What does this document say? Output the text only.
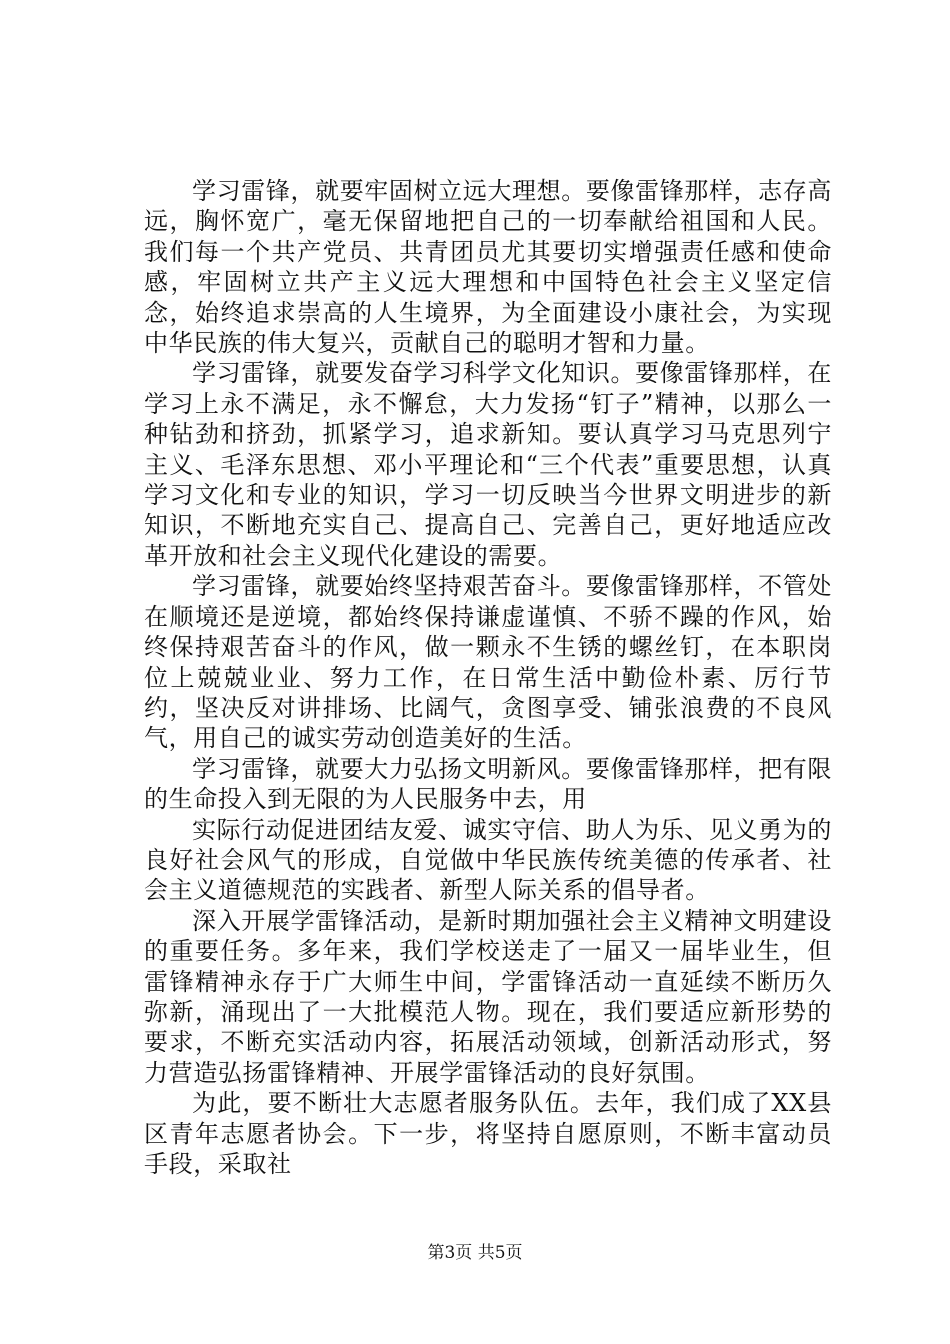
学习雷锋，就要牢固树立远大理想。要像雷锋那样，志存高远，胸怀宽广，毫无保留地把自己的一切奉献给祖国和人民。我们每一个共产党员、共青团员尤其要切实增强责任感和使命感，牢固树立共产主义远大理想和中国特色社会主义坚定信念，始终追求崇高的人生境界，为全面建设小康社会，为实现中华民族的伟大复兴，贡献自己的聪明才智和力量。

学习雷锋，就要发奋学习科学文化知识。要像雷锋那样，在学习上永不满足，永不懈怠，大力发扬“钉子”精神，以那么一种钻劲和挤劲，抓紧学习，追求新知。要认真学习马克思列宁主义、毛泽东思想、邓小平理论和“三个代表”重要思想，认真学习文化和专业的知识，学习一切反映当今世界文明进步的新知识，不断地充实自己、提高自己、完善自己，更好地适应改革开放和社会主义现代化建设的需要。

学习雷锋，就要始终坚持艰苦奋斗。要像雷锋那样，不管处在顺境还是逆境，都始终保持谦虚谨慎、不骄不躁的作风，始终保持艰苦奋斗的作风，做一颗永不生锈的螺丝钉，在本职岗位上兢兢业业、努力工作，在日常生活中勤俭朴素、厉行节约，坚决反对讲排场、比阔气，贪图享受、铺张浪费的不良风气，用自己的诚实劳动创造美好的生活。

学习雷锋，就要大力弘扬文明新风。要像雷锋那样，把有限的生命投入到无限的为人民服务中去，用

实际行动促进团结友爱、诚实守信、助人为乐、见义勇为的良好社会风气的形成，自觉做中华民族传统美德的传承者、社会主义道德规范的实践者、新型人际关系的倡导者。

深入开展学雷锋活动，是新时期加强社会主义精神文明建设的重要任务。多年来，我们学校送走了一届又一届毕业生，但雷锋精神永存于广大师生中间，学雷锋活动一直延续不断历久弥新，涌现出了一大批模范人物。现在，我们要适应新形势的要求，不断充实活动内容，拓展活动领域，创新活动形式，努力营造弘扬雷锋精神、开展学雷锋活动的良好氛围。

为此，要不断壮大志愿者服务队伍。去年，我们成了XX县区青年志愿者协会。下一步，将坚持自愿原则，不断丰富动员手段，采取社

第3页 共5页
